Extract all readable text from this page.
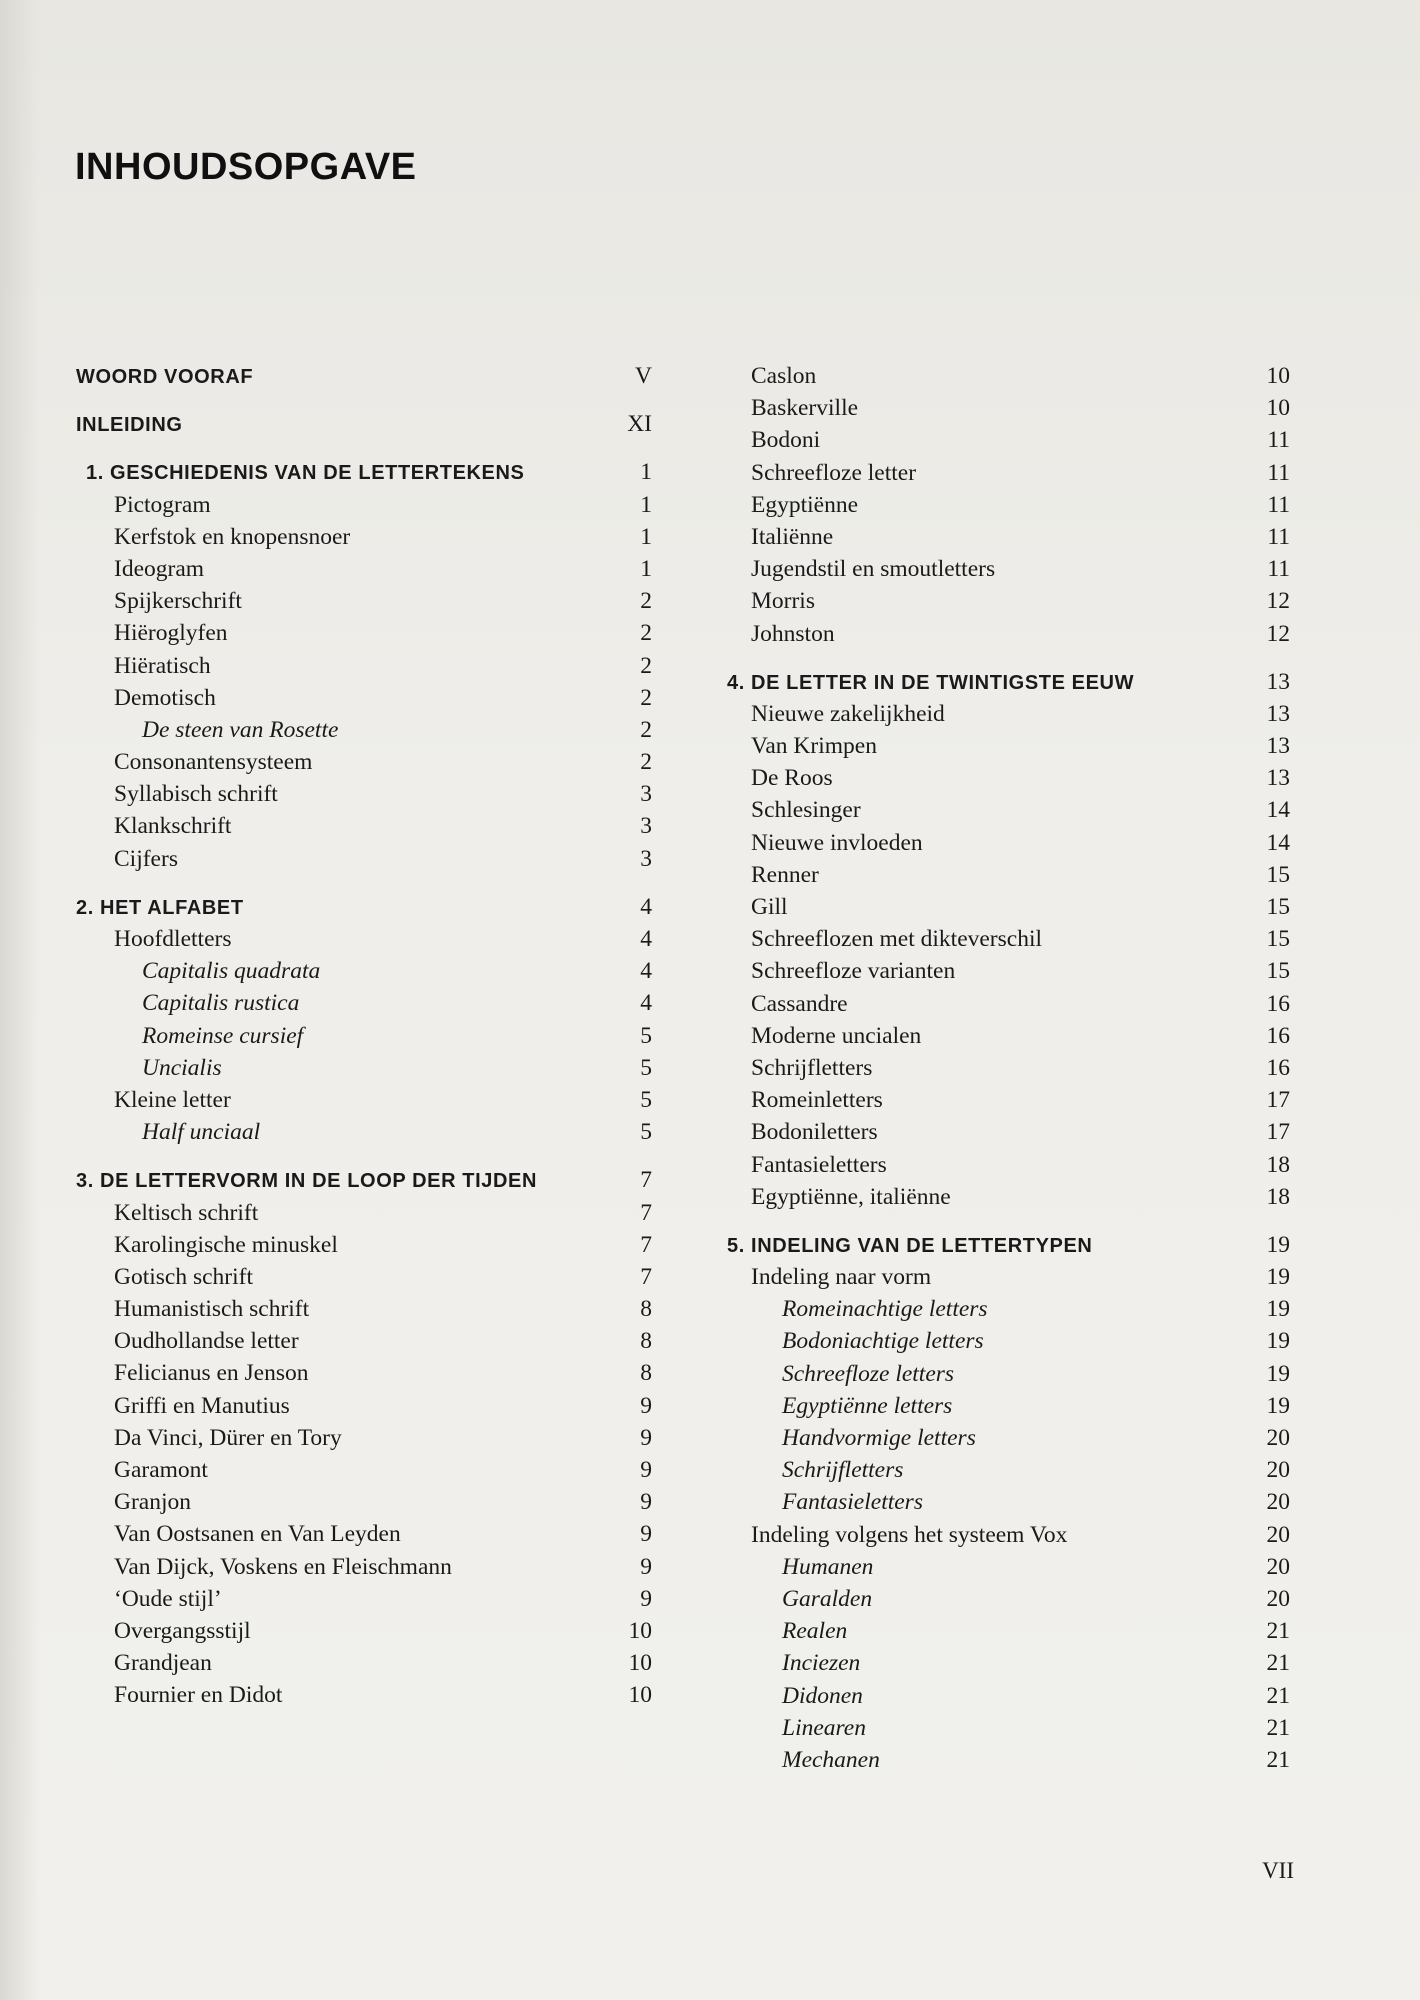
INHOUDSOPGAVE
WOORD VOORAF	V
INLEIDING	XI
1. GESCHIEDENIS VAN DE LETTERTEKENS	1
Pictogram	1
Kerfstok en knopensnoer	1
Ideogram	1
Spijkerschrift	2
Hiëroglyfen	2
Hiëratisch	2
Demotisch	2
De steen van Rosette	2
Consonantensysteem	2
Syllabisch schrift	3
Klankschrift	3
Cijfers	3
2. HET ALFABET	4
Hoofdletters	4
Capitalis quadrata	4
Capitalis rustica	4
Romeinse cursief	5
Uncialis	5
Kleine letter	5
Half unciaal	5
3. DE LETTERVORM IN DE LOOP DER TIJDEN	7
Keltisch schrift	7
Karolingische minuskel	7
Gotisch schrift	7
Humanistisch schrift	8
Oudhollandse letter	8
Felicianus en Jenson	8
Griffi en Manutius	9
Da Vinci, Dürer en Tory	9
Garamont	9
Granjon	9
Van Oostsanen en Van Leyden	9
Van Dijck, Voskens en Fleischmann	9
‘Oude stijl’	9
Overgangsstijl	10
Grandjean	10
Fournier en Didot	10
Caslon	10
Baskerville	10
Bodoni	11
Schreefloze letter	11
Egyptiënne	11
Italiënne	11
Jugendstil en smoutletters	11
Morris	12
Johnston	12
4. DE LETTER IN DE TWINTIGSTE EEUW	13
Nieuwe zakelijkheid	13
Van Krimpen	13
De Roos	13
Schlesinger	14
Nieuwe invloeden	14
Renner	15
Gill	15
Schreeflozen met dikteverschil	15
Schreefloze varianten	15
Cassandre	16
Moderne uncialen	16
Schrijfletters	16
Romeinletters	17
Bodoniletters	17
Fantasieletters	18
Egyptiënne, italiënne	18
5. INDELING VAN DE LETTERTYPEN	19
Indeling naar vorm	19
Romeinachtige letters	19
Bodoniachtige letters	19
Schreefloze letters	19
Egyptiënne letters	19
Handvormige letters	20
Schrijfletters	20
Fantasieletters	20
Indeling volgens het systeem Vox	20
Humanen	20
Garalden	20
Realen	21
Inciezen	21
Didonen	21
Linearen	21
Mechanen	21
VII
